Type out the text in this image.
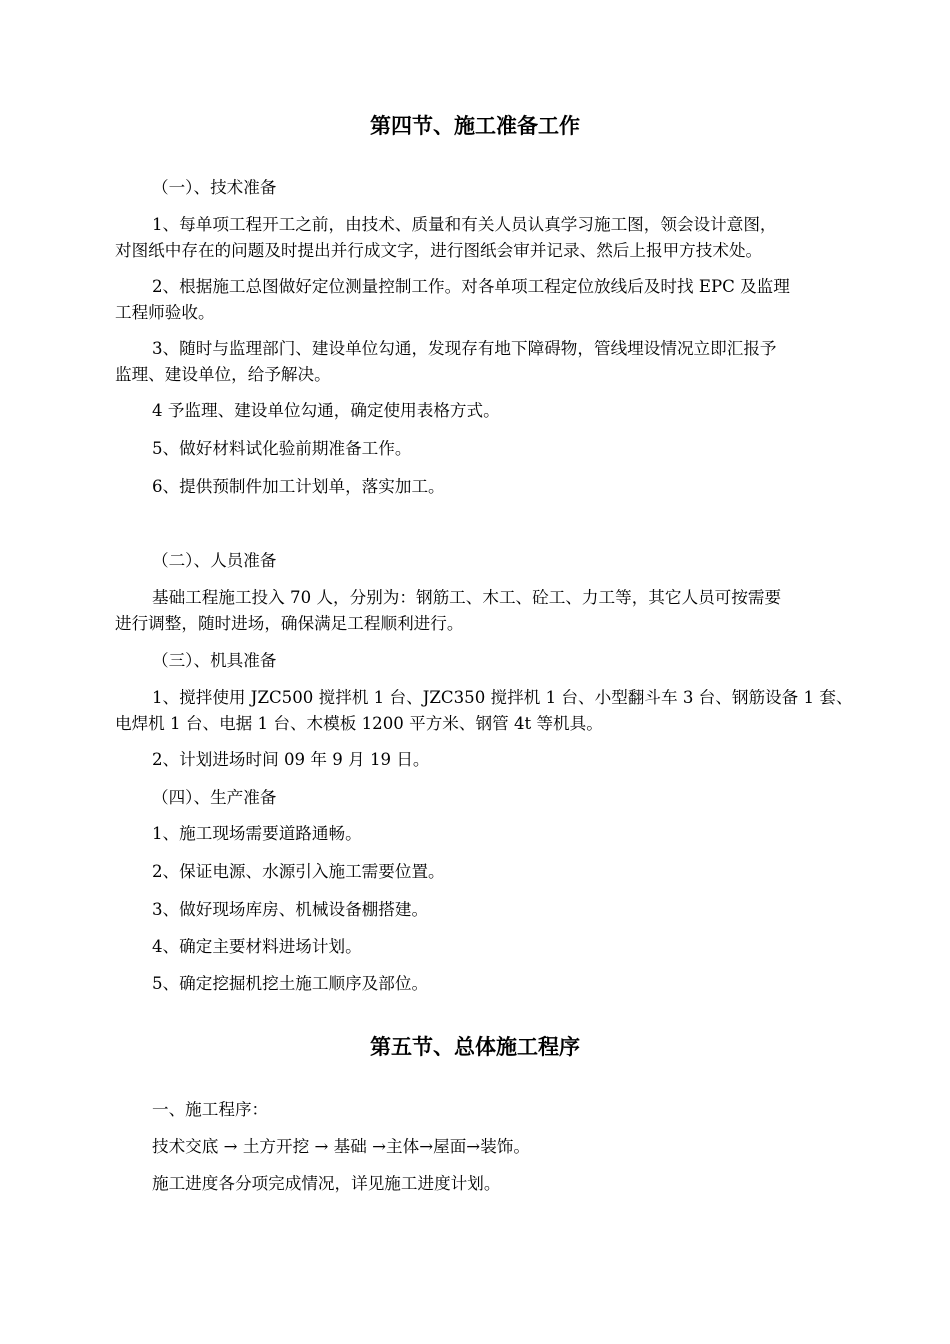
第四节、施工准备工作

（一）、技术准备

1、每单项工程开工之前，由技术、质量和有关人员认真学习施工图，领会设计意图，

对图纸中存在的问题及时提出并行成文字，进行图纸会审并记录、然后上报甲方技术处。

2、根据施工总图做好定位测量控制工作。对各单项工程定位放线后及时找 EPC 及监理

工程师验收。

3、随时与监理部门、建设单位勾通，发现存有地下障碍物，管线埋设情况立即汇报予

监理、建设单位，给予解决。

4 予监理、建设单位勾通，确定使用表格方式。

5、做好材料试化验前期准备工作。

6、提供预制件加工计划单，落实加工。

（二）、人员准备

基础工程施工投入 70 人，分别为：钢筋工、木工、砼工、力工等，其它人员可按需要

进行调整，随时进场，确保满足工程顺利进行。

（三）、机具准备

1、搅拌使用 JZC500 搅拌机 1 台、JZC350 搅拌机 1 台、小型翻斗车 3 台、钢筋设备 1 套、

电焊机 1 台、电据 1 台、木模板 1200 平方米、钢管 4t 等机具。

2、计划进场时间 09 年 9 月 19 日。

（四）、生产准备

1、施工现场需要道路通畅。

2、保证电源、水源引入施工需要位置。

3、做好现场库房、机械设备棚搭建。

4、确定主要材料进场计划。

5、确定挖掘机挖土施工顺序及部位。

第五节、总体施工程序

一、施工程序：

技术交底 → 土方开挖 → 基础 →主体→屋面→装饰。

施工进度各分项完成情况，详见施工进度计划。
